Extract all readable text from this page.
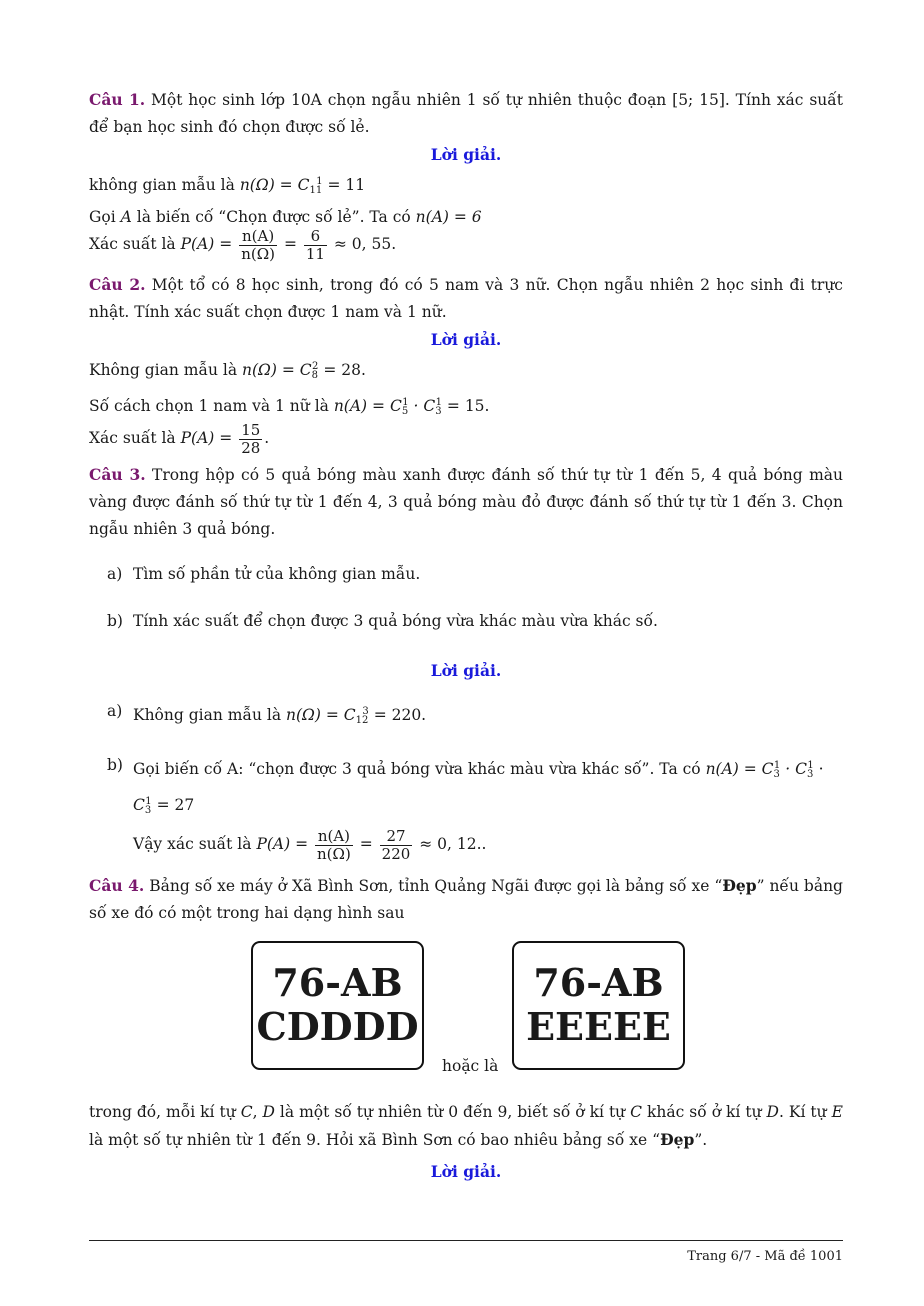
Câu 1. Một học sinh lớp 10A chọn ngẫu nhiên 1 số tự nhiên thuộc đoạn [5; 15]. Tính xác suất để bạn học sinh đó chọn được số lẻ.

Lời giải.

không gian mẫu là $n(\Omega) = C_{11}^1 = 11$

Gọi A là biến cố “Chọn được số lẻ”. Ta có n(A) = 6

Xác suất là $P(A) = \frac{n(A)}{n(\Omega)} = \frac{6}{11} \approx 0$, 55.

Câu 2. Một tổ có 8 học sinh, trong đó có 5 nam và 3 nữ. Chọn ngẫu nhiên 2 học sinh đi trực nhật. Tính xác suất chọn được 1 nam và 1 nữ.

Lời giải.

Không gian mẫu là $n(\Omega) = C_8^2 = 28$.

Số cách chọn 1 nam và 1 nữ là $n(A) = C_5^1 \cdot C_3^1 = 15$.

Xác suất là $P(A) = \frac{15}{28}$ .

Câu 3. Trong hộp có 5 quả bóng màu xanh được đánh số thứ tự từ 1 đến 5, 4 quả bóng màu vàng được đánh số thứ tự từ 1 đến 4, 3 quả bóng màu đỏ được đánh số thứ tự từ 1 đến 3. Chọn ngẫu nhiên 3 quả bóng.

a) Tìm số phần tử của không gian mẫu.
b) Tính xác suất để chọn được 3 quả bóng vừa khác màu vừa khác số.
Lời giải.
a) Không gian mẫu là $n(\Omega) = C_{12}^3 = 220$.
b) Gọi biến cố A: “chọn được 3 quả bóng vừa khác màu vừa khác số”. Ta có $n(A) = C_3^1 \cdot C_3^1 \cdot C_3^1 = 27$
Vậy xác suất là $P(A) = \frac{n(A)}{n(\Omega)} = \frac{27}{220} \approx 0$, 12..

Câu 4. Bảng số xe máy ở Xã Bình Sơn, tỉnh Quảng Ngãi được gọi là bảng số xe “Đẹp” nếu bảng số xe đó có một trong hai dạng hình sau

76-AB
CDDDD
hoặc là
76-AB
EEEEE

trong đó, mỗi kí tự C, D là một số tự nhiên từ 0 đến 9, biết số ở kí tự C khác số ở kí tự D. Kí tự E là một số tự nhiên từ 1 đến 9. Hỏi xã Bình Sơn có bao nhiêu bảng số xe “Đẹp”.

Lời giải.
Trang 6/7 - Mã đề 1001
